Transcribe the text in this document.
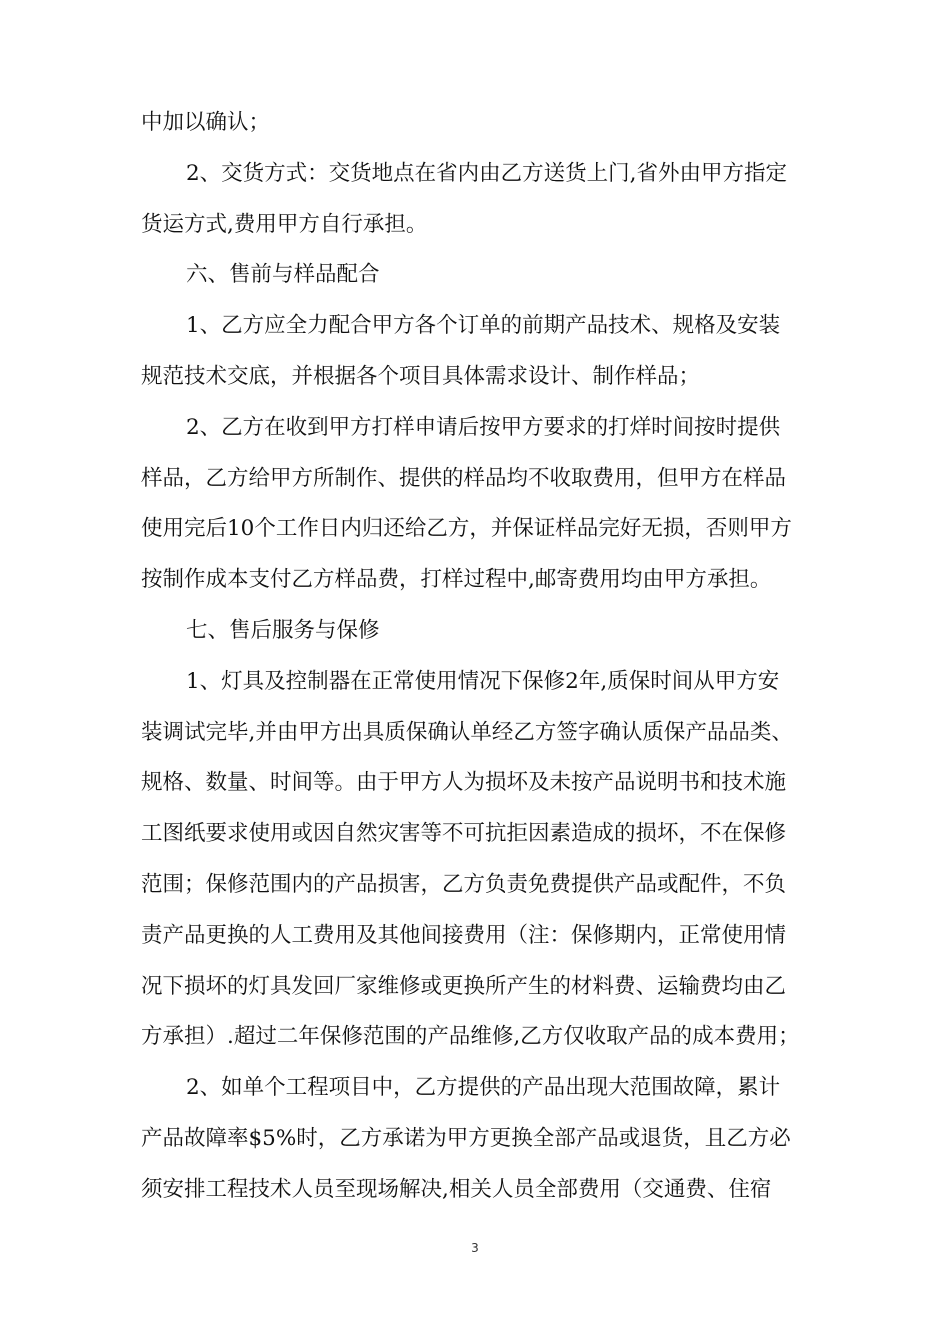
中加以确认；
2、交货方式：交货地点在省内由乙方送货上门,省外由甲方指定
货运方式,费用甲方自行承担。
六、售前与样品配合
1、乙方应全力配合甲方各个订单的前期产品技术、规格及安装
规范技术交底，并根据各个项目具体需求设计、制作样品；
2、乙方在收到甲方打样申请后按甲方要求的打烊时间按时提供
样品，乙方给甲方所制作、提供的样品均不收取费用，但甲方在样品
使用完后10个工作日内归还给乙方，并保证样品完好无损，否则甲方
按制作成本支付乙方样品费，打样过程中,邮寄费用均由甲方承担。
七、售后服务与保修
1、灯具及控制器在正常使用情况下保修2年,质保时间从甲方安
装调试完毕,并由甲方出具质保确认单经乙方签字确认质保产品品类、
规格、数量、时间等。由于甲方人为损坏及未按产品说明书和技术施
工图纸要求使用或因自然灾害等不可抗拒因素造成的损坏，不在保修
范围；保修范围内的产品损害，乙方负责免费提供产品或配件，不负
责产品更换的人工费用及其他间接费用（注：保修期内，正常使用情
况下损坏的灯具发回厂家维修或更换所产生的材料费、运输费均由乙
方承担）.超过二年保修范围的产品维修,乙方仅收取产品的成本费用；
2、如单个工程项目中，乙方提供的产品出现大范围故障，累计
产品故障率$5%时，乙方承诺为甲方更换全部产品或退货，且乙方必
须安排工程技术人员至现场解决,相关人员全部费用（交通费、住宿
3
